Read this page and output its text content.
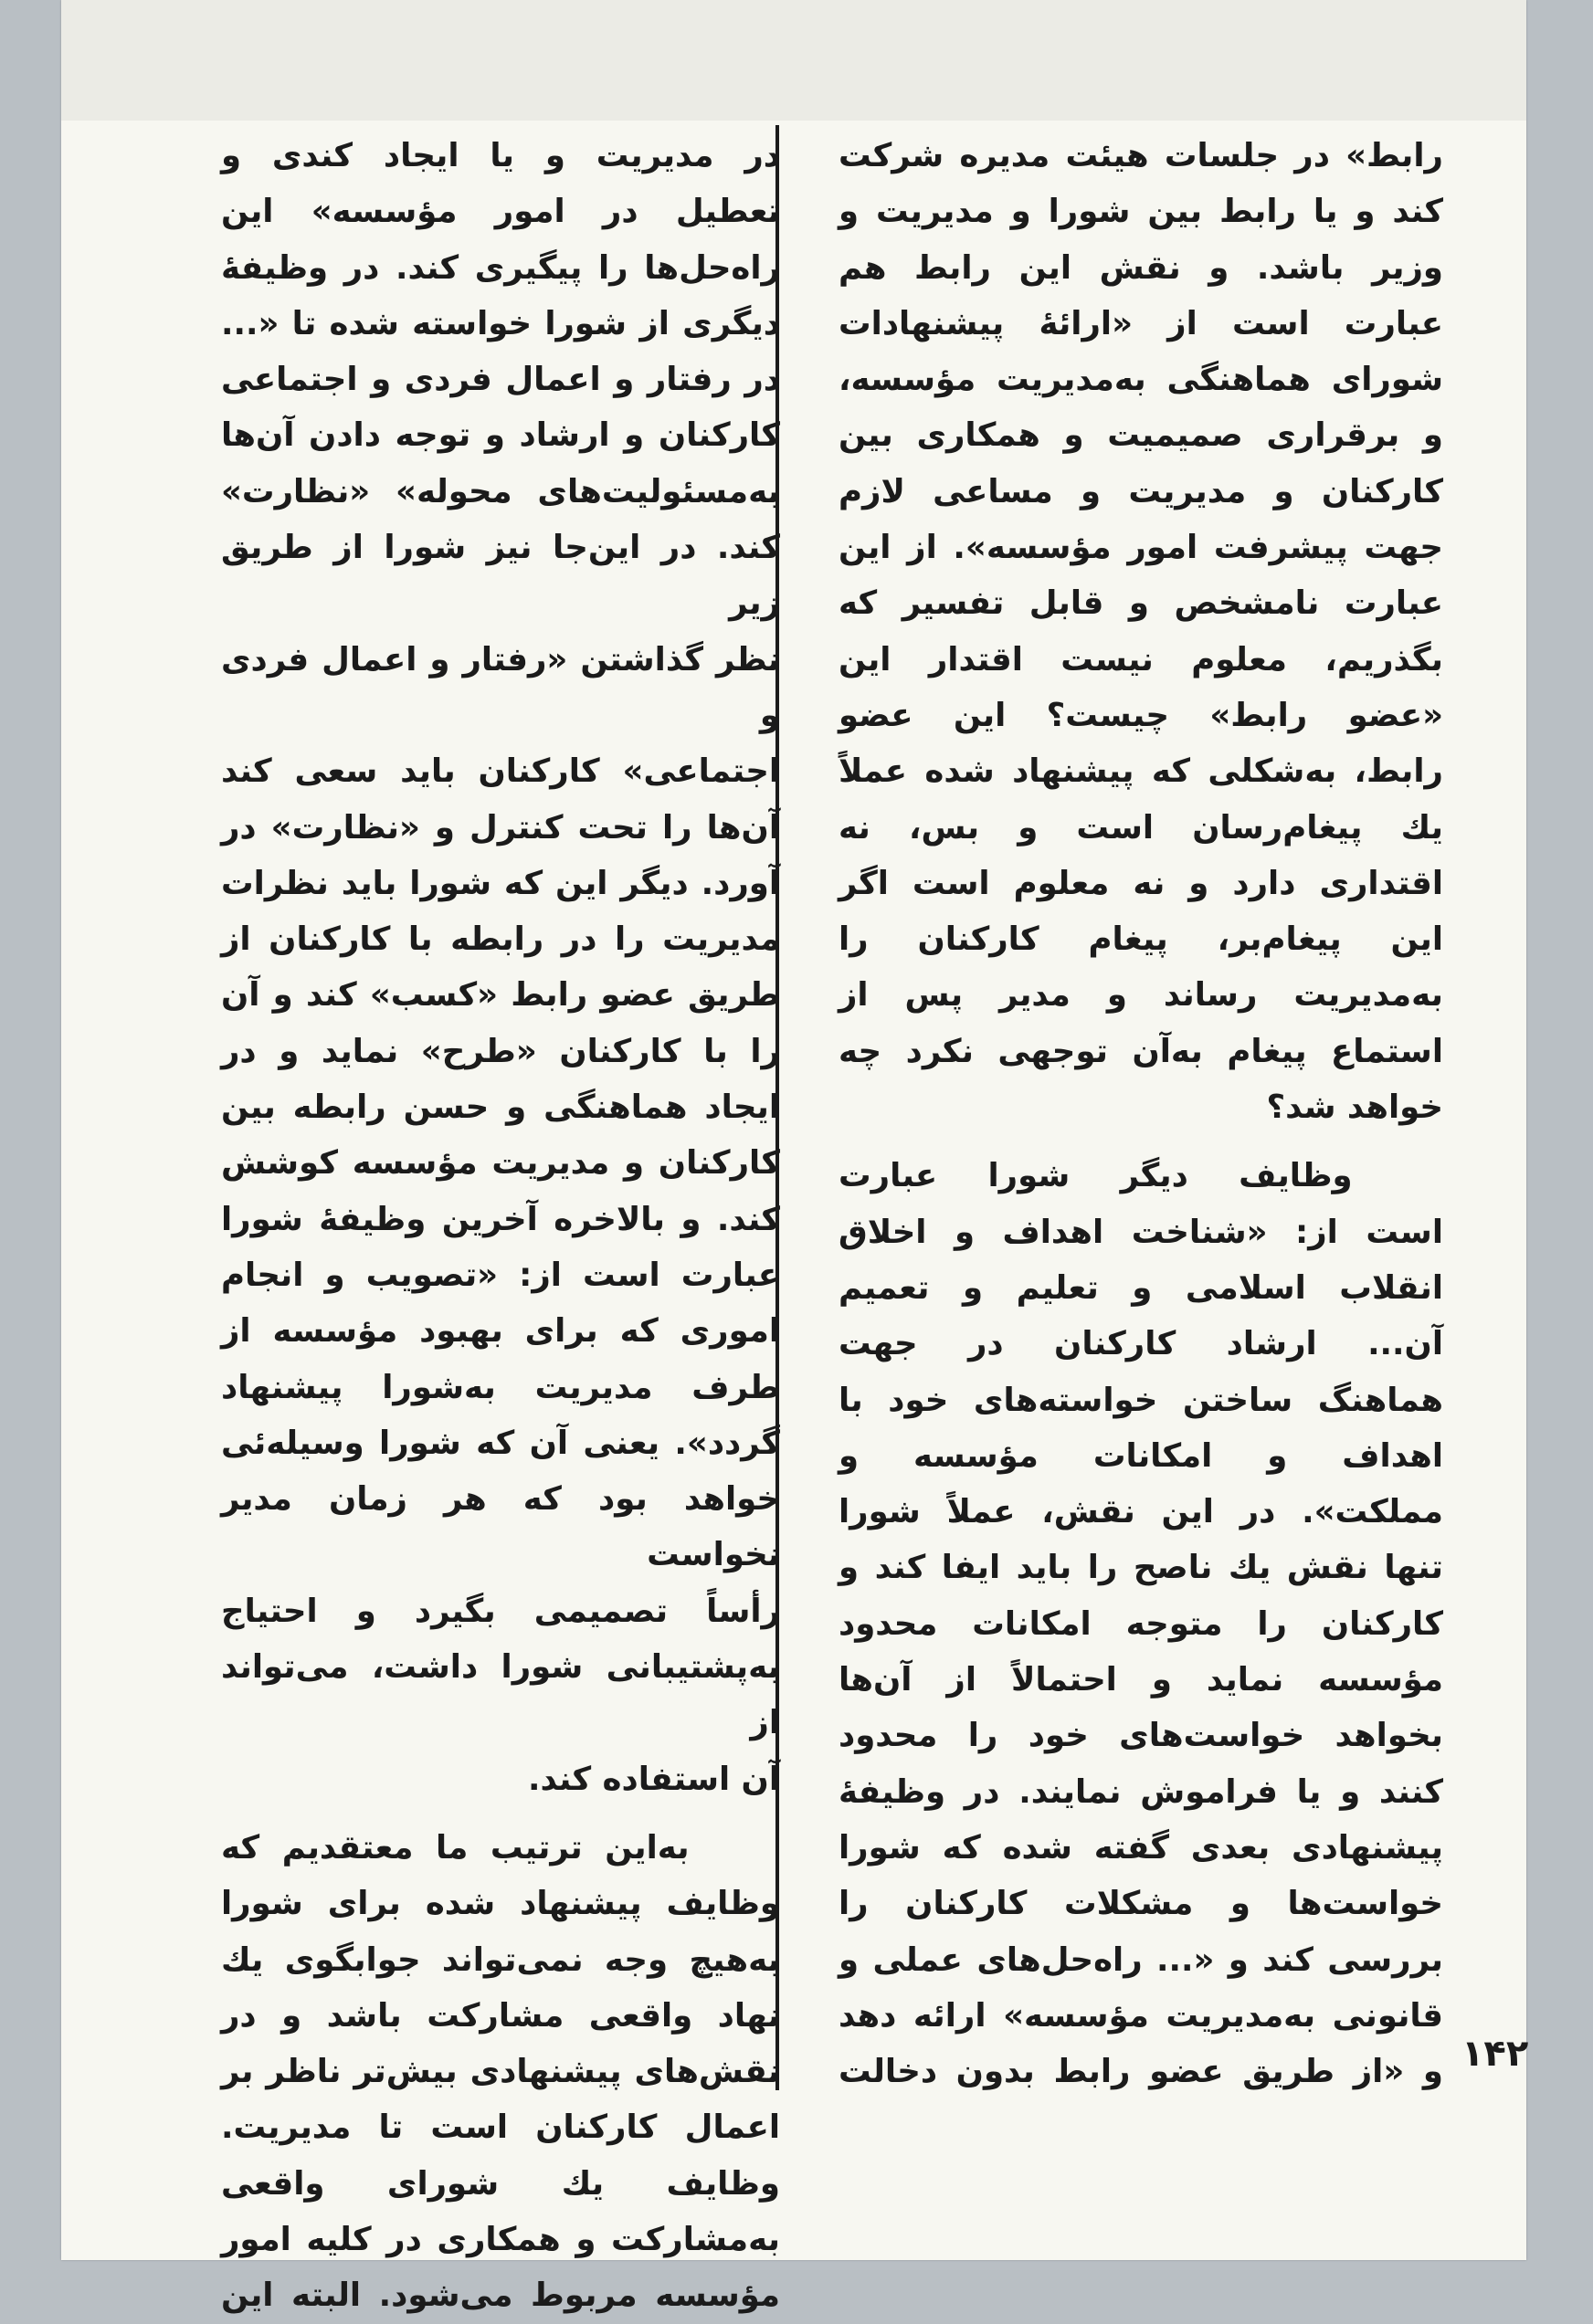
رابط» در جلسات هیئت مدیره شرکت

کند و یا رابط بین شورا و مدیریت و

وزیر باشد. و نقش این رابط هم

عبارت است از «ارائهٔ پیشنهادات

شورای هماهنگی به‌مدیریت مؤسسه،

و برقراری صمیمیت و همکاری بین

کارکنان و مدیریت و مساعی لازم

جهت پیشرفت امور مؤسسه». از این

عبارت نامشخص و قابل تفسیر که

بگذریم، معلوم نیست اقتدار این

«عضو رابط» چیست؟ این عضو

رابط، به‌شکلی که پیشنهاد شده عملاً

یك پیغام‌رسان است و بس، نه

اقتداری دارد و نه معلوم است اگر

این پیغام‌بر، پیغام کارکنان را

به‌مدیریت رساند و مدیر پس از

استماع پیغام به‌آن توجهی نکرد چه

خواهد شد؟

وظایف دیگر شورا عبارت

است از: «شناخت اهداف و اخلاق

انقلاب اسلامی و تعلیم و تعمیم

آن... ارشاد کارکنان در جهت

هماهنگ ساختن خواسته‌های خود با

اهداف و امکانات مؤسسه و

مملکت». در این نقش، عملاً شورا

تنها نقش یك ناصح را باید ایفا کند و

کارکنان را متوجه امکانات محدود

مؤسسه نماید و احتمالاً از آن‌ها

بخواهد خواست‌های خود را محدود

کنند و یا فراموش نمایند. در وظیفهٔ

پیشنهادی بعدی گفته شده که شورا

خواست‌ها و مشکلات کارکنان را

بررسی کند و «... راه‌حل‌های عملی و

قانونی به‌مدیریت مؤسسه» ارائه دهد

و «از طریق عضو رابط بدون دخالت

در مدیریت و یا ایجاد کندی و

تعطیل در امور مؤسسه» این

راه‌حل‌ها را پیگیری کند. در وظیفهٔ

دیگری از شورا خواسته شده تا «...

در رفتار و اعمال فردی و اجتماعی

کارکنان و ارشاد و توجه دادن آن‌ها

به‌مسئولیت‌های محوله» «نظارت»

کند. در این‌جا نیز شورا از طریق زیر

نظر گذاشتن «رفتار و اعمال فردی و

اجتماعی» کارکنان باید سعی کند

آن‌ها را تحت کنترل و «نظارت» در

آورد. دیگر این که شورا باید نظرات

مدیریت را در رابطه با کارکنان از

طریق عضو رابط «کسب» کند و آن

را با کارکنان «طرح» نماید و در

ایجاد هماهنگی و حسن رابطه بین

کارکنان و مدیریت مؤسسه کوشش

کند. و بالاخره آخرین وظیفهٔ شورا

عبارت است از: «تصویب و انجام

اموری که برای بهبود مؤسسه از

طرف مدیریت به‌شورا پیشنهاد

گردد». یعنی آن که شورا وسیله‌ئی

خواهد بود که هر زمان مدیر نخواست

رأساً تصمیمی بگیرد و احتیاج

به‌پشتیبانی شورا داشت، می‌تواند از

آن استفاده کند.

به‌این ترتیب ما معتقدیم که

وظایف پیشنهاد شده برای شورا

به‌هیچ وجه نمی‌تواند جوابگوی یك

نهاد واقعی مشارکت باشد و در

نقش‌های پیشنهادی بیش‌تر ناظر بر

اعمال کارکنان است تا مدیریت.

وظایف یك شورای واقعی

به‌مشارکت و همکاری در کلیه امور

مؤسسه مربوط می‌شود. البته این

۱۴۲
